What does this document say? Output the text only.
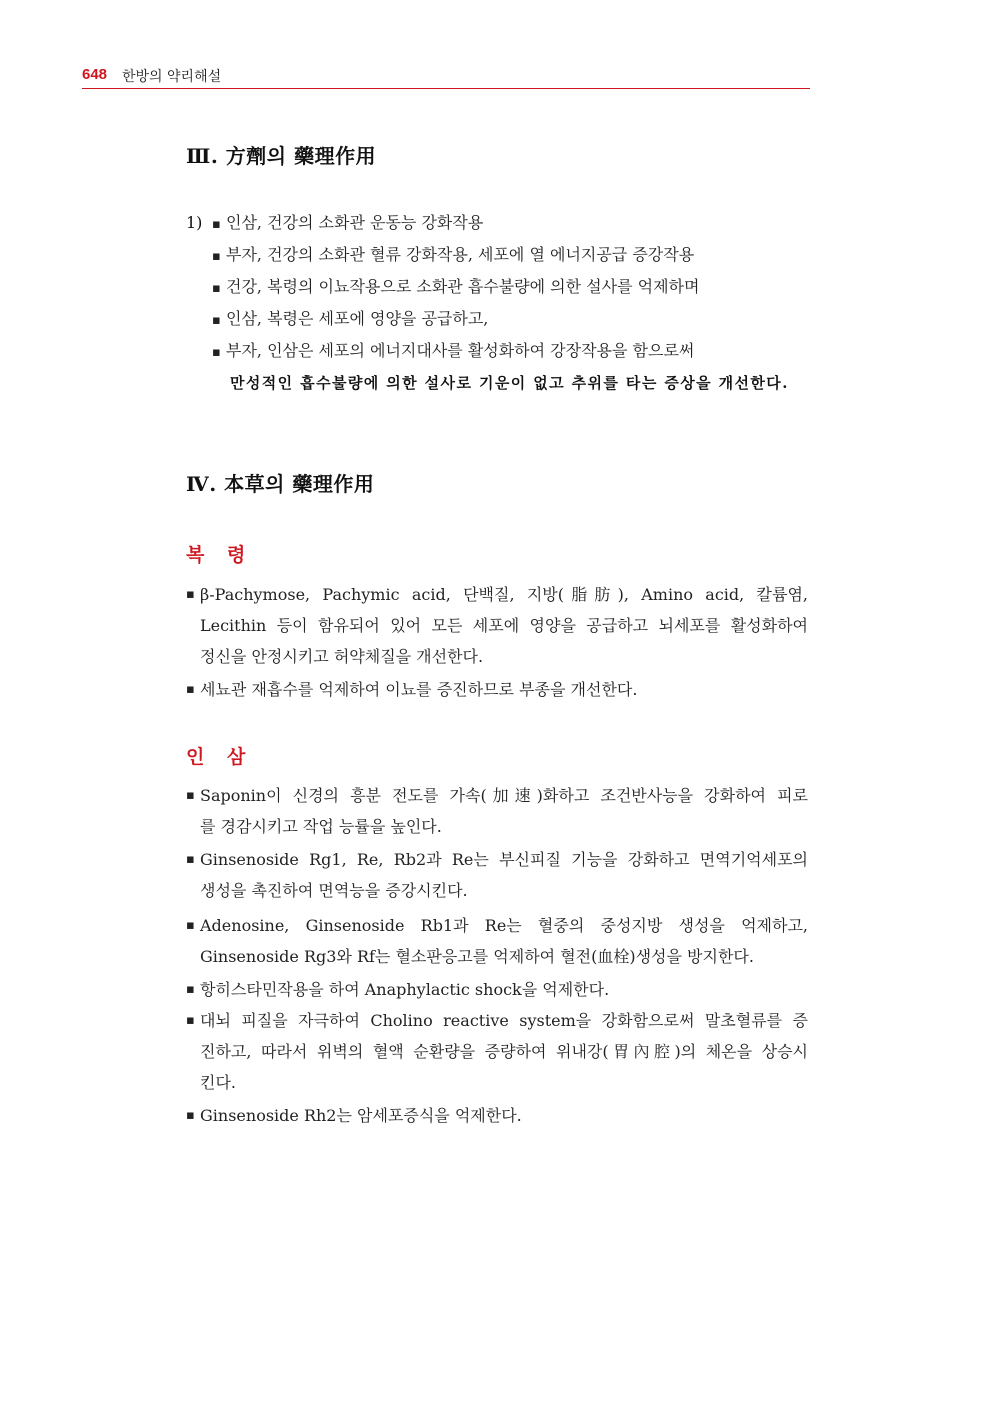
648 한방의 약리해설
Ⅲ. 方劑의 藥理作用
1) ▪ 인삼, 건강의 소화관 운동능 강화작용
▪ 부자, 건강의 소화관 혈류 강화작용, 세포에 열 에너지공급 증강작용
▪ 건강, 복령의 이뇨작용으로 소화관 흡수불량에 의한 설사를 억제하며
▪ 인삼, 복령은 세포에 영양을 공급하고,
▪ 부자, 인삼은 세포의 에너지대사를 활성화하여 강장작용을 함으로써
만성적인 흡수불량에 의한 설사로 기운이 없고 추위를 타는 증상을 개선한다.
Ⅳ. 本草의 藥理作用
복 령
▪ β-Pachymose, Pachymic acid, 단백질, 지방(脂肪), Amino acid, 칼륨염,

Lecithin 등이 함유되어 있어 모든 세포에 영양을 공급하고 뇌세포를 활성화하여

정신을 안정시키고 허약체질을 개선한다.

▪ 세뇨관 재흡수를 억제하여 이뇨를 증진하므로 부종을 개선한다.

인 삼
▪ Saponin이 신경의 흥분 전도를 가속(加速)화하고 조건반사능을 강화하여 피로

를 경감시키고 작업 능률을 높인다.

▪ Ginsenoside Rg1, Re, Rb2과 Re는 부신피질 기능을 강화하고 면역기억세포의

생성을 촉진하여 면역능을 증강시킨다.

▪ Adenosine, Ginsenoside Rb1과 Re는 혈중의 중성지방 생성을 억제하고,

Ginsenoside Rg3와 Rf는 혈소판응고를 억제하여 혈전(血栓)생성을 방지한다.

▪ 항히스타민작용을 하여 Anaphylactic shock을 억제한다.

▪ 대뇌 피질을 자극하여 Cholino reactive system을 강화함으로써 말초혈류를 증

진하고, 따라서 위벽의 혈액 순환량을 증량하여 위내강(胃內腔)의 체온을 상승시

킨다.

▪ Ginsenoside Rh2는 암세포증식을 억제한다.
